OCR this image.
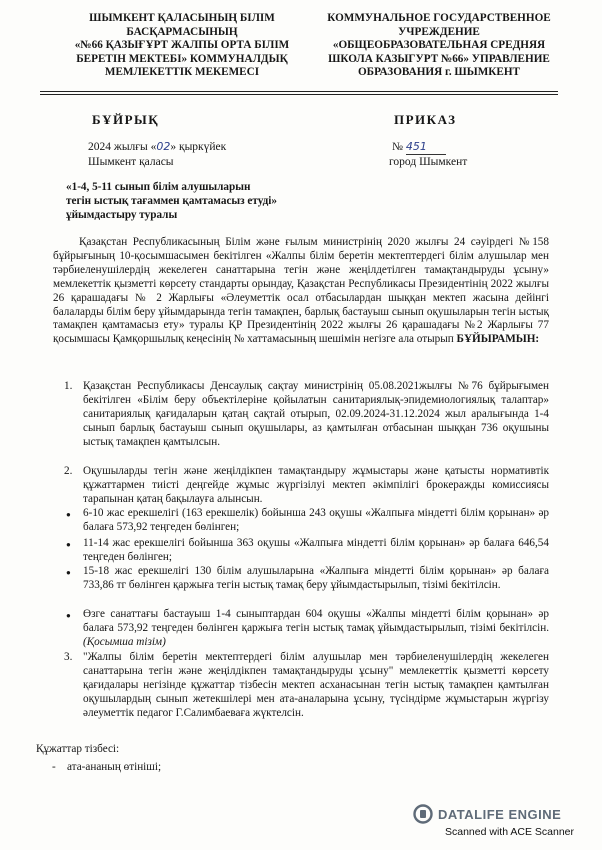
ШЫМКЕНТ ҚАЛАСЫНЫҢ БІЛІМ
БАСҚАРМАСЫНЫҢ
«№66 ҚАЗЫҒҰРТ ЖАЛПЫ ОРТА БІЛІМ
БЕРЕТІН МЕКТЕБІ» КОММУНАЛДЫҚ
МЕМЛЕКЕТТІК МЕКЕМЕСІ
КОММУНАЛЬНОЕ ГОСУДАРСТВЕННОЕ
УЧРЕЖДЕНИЕ
«ОБЩЕОБРАЗОВАТЕЛЬНАЯ СРЕДНЯЯ
ШКОЛА КАЗЫГУРТ №66» УПРАВЛЕНИЕ
ОБРАЗОВАНИЯ г. ШЫМКЕНТ
БҰЙРЫҚ	ПРИКАЗ
2024 жылғы «02» қыркүйек
Шымкент қаласы
№ 451
город Шымкент
«1-4, 5-11 сынып білім алушыларын
тегін ыстық тағаммен қамтамасыз етуді»
ұйымдастыру туралы

Қазақстан Республикасының Білім және ғылым министрінің 2020 жылғы 24 сәуірдегі №158 бұйрығының 10-қосымшасымен бекітілген «Жалпы білім беретін мектептердегі білім алушылар мен тәрбиеленушілердің жекелеген санаттарына тегін және жеңілдетілген тамақтандыруды ұсыну» мемлекеттік қызметті көрсету стандарты орындау, Қазақстан Республикасы Президентінің 2022 жылғы 26 қарашадағы № 2 Жарлығы «Әлеуметтік осал отбасылардан шыққан мектеп жасына дейінгі балаларды білім беру ұйымдарында тегін тамақпен, барлық бастауыш сынып оқушыларын тегін ыстық тамақпен қамтамасыз ету» туралы ҚР Президентінің 2022 жылғы 26 қарашадағы №2 Жарлығы 77 қосымшасы Қамқоршылық кеңесінің № хаттамасының шешімін негізге ала отырып БҰЙЫРАМЫН:

1. Қазақстан Республикасы Денсаулық сақтау министрінің 05.08.2021жылғы №76 бұйрығымен бекітілген «Білім беру объектілеріне қойылатын санитариялық-эпидемиологиялық талаптар» санитариялық қағидаларын қатаң сақтай отырып, 02.09.2024-31.12.2024 жыл аралығында 1-4 сынып барлық бастауыш сынып оқушылары, аз қамтылған отбасынан шыққан 736 оқушыны ыстық тамақпен қамтылсын.
2. Оқушыларды тегін және жеңілдікпен тамақтандыру жұмыстары және қатысты нормативтік құжаттармен тиісті деңгейде жұмыс жүргізілуі мектеп әкімпілігі брокеражды комиссиясы тарапынан қатаң бақылауға алынсын.
● 6-10 жас ерекшелігі (163 ерекшелік) бойынша 243 оқушы «Жалпыға міндетті білім қорынан» әр балаға 573,92 теңгеден бөлінген;
● 11-14 жас ерекшелігі бойынша 363 оқушы «Жалпыға міндетті білім қорынан» әр балаға 646,54 теңгеден бөлінген;
● 15-18 жас ерекшелігі 130 білім алушыларына «Жалпыға міндетті білім қорынан» әр балаға 733,86 тг бөлінген қаржыға тегін ыстық тамақ беру ұйымдастырылып, тізімі бекітілсін.
● Өзге санаттағы бастауыш 1-4 сыныптардан 604 оқушы «Жалпы міндетті білім қорынан» әр балаға 573,92 теңгеден бөлінген қаржыға тегін ыстық тамақ ұйымдастырылып, тізімі бекітілсін. (Қосымша тізім)
3. "Жалпы білім беретін мектептердегі білім алушылар мен тәрбиеленушілердің жекелеген санаттарына тегін және жеңілдікпен тамақтандыруды ұсыну" мемлекеттік қызметті көрсету қағидалары негізінде құжаттар тізбесін мектеп асханасынан тегін ыстық тамақпен қамтылған оқушылардың сынып жетекшілері мен ата-аналарына ұсыну, түсіндірме жұмыстарын жүргізу әлеуметтік педагог Г.Салимбаеваға жүктелсін.
Құжаттар тізбесі:
- ата-ананың өтініші;
DATALIFE ENGINE
Scanned with ACE Scanner
